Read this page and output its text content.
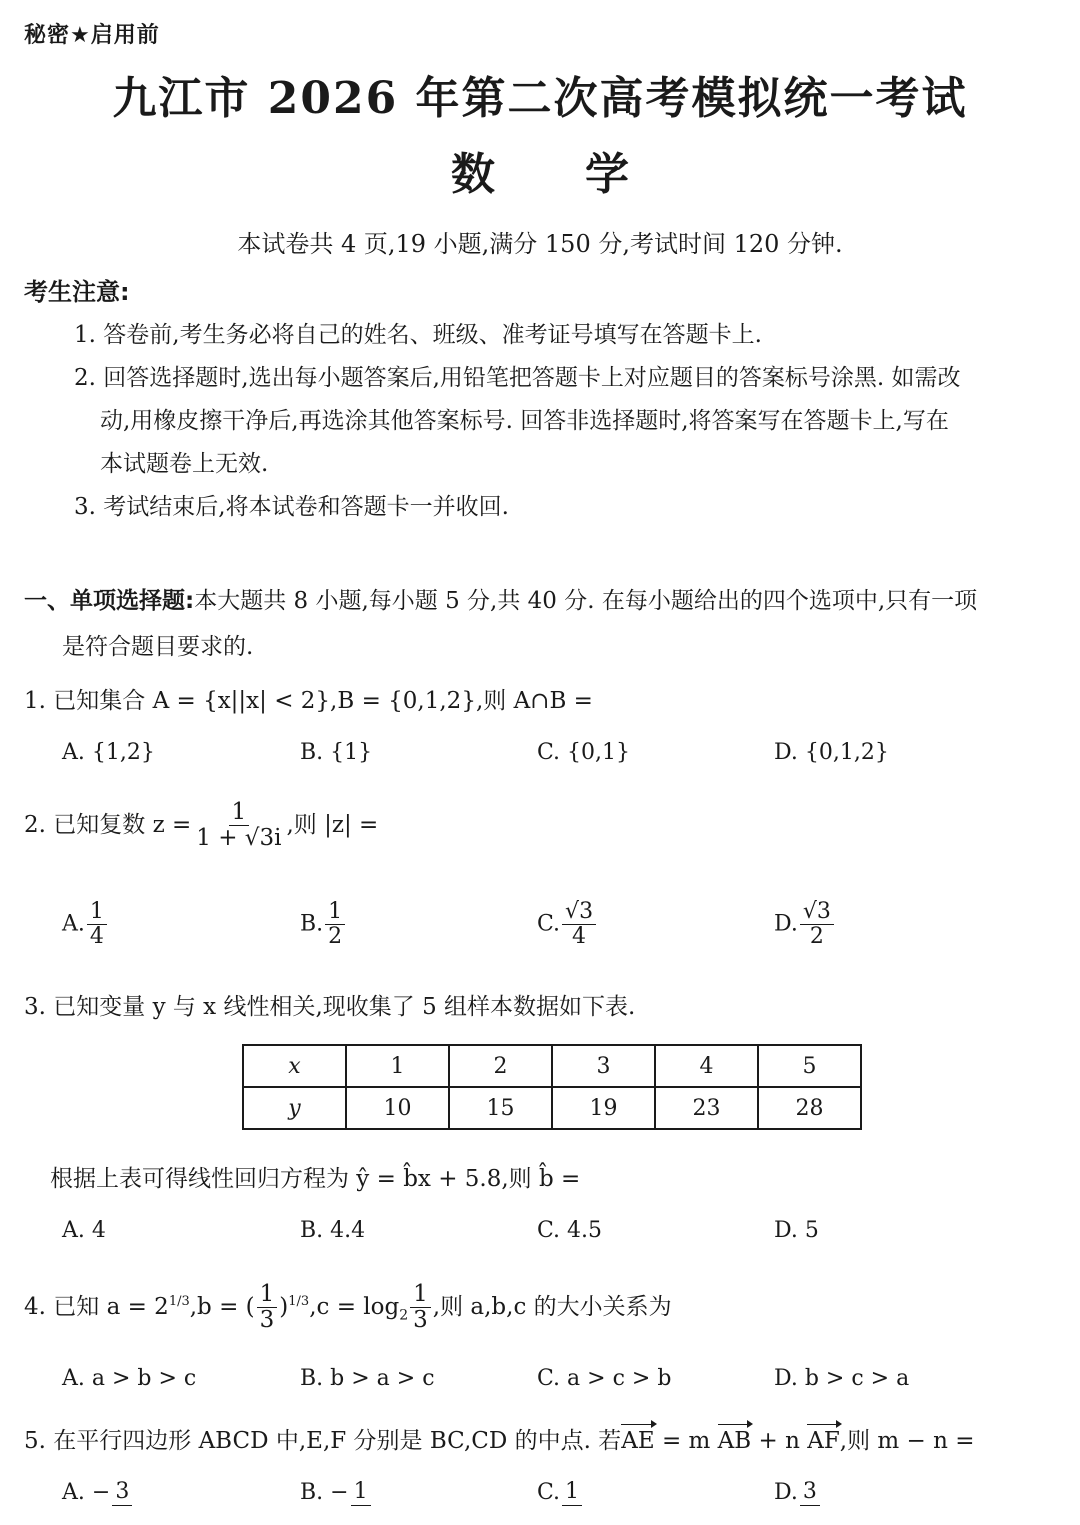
秘密★启用前
九江市 2026 年第二次高考模拟统一考试
数 学
本试卷共 4 页,19 小题,满分 150 分,考试时间 120 分钟.
考生注意:
1. 答卷前,考生务必将自己的姓名、班级、准考证号填写在答题卡上.
2. 回答选择题时,选出每小题答案后,用铅笔把答题卡上对应题目的答案标号涂黑. 如需改
动,用橡皮擦干净后,再选涂其他答案标号. 回答非选择题时,将答案写在答题卡上,写在
本试题卷上无效.
3. 考试结束后,将本试卷和答题卡一并收回.
一、单项选择题:本大题共 8 小题,每小题 5 分,共 40 分. 在每小题给出的四个选项中,只有一项
是符合题目要求的.
1. 已知集合 A = {x||x| < 2},B = {0,1,2},则 A∩B =
A. {1,2}	B. {1}	C. {0,1}	D. {0,1,2}
2. 已知复数 $z = \frac{1}{1 + √3i}$ ,则 |z| =
A. $\frac{1}{4}$	B. $\frac{1}{2}$	C. $\frac{√3}{4}$	D. $\frac{√3}{2}$
3. 已知变量 y 与 x 线性相关,现收集了 5 组样本数据如下表.
x	1	2	3	4	5
y	10	15	19	23	28
根据上表可得线性回归方程为 ŷ = b̂x + 5.8,则 b̂ =
A. 4	B. 4.4	C. 4.5	D. 5
4. 已知 $a = 2^{1/3},b$ = ( $\frac{1}{3} )^{1/3},c = \log_2 \frac{1}{3}$ ,则 a,b,c 的大小关系为
A. a > b > c	B. b > a > c	C. a > c > b	D. b > c > a
5. 在平行四边形 ABCD 中,E,F 分别是 BC,CD 的中点. 若AE = m AB + n AF,则 m − n =
A. − 3	B. − 1	C. 1	D. 3
